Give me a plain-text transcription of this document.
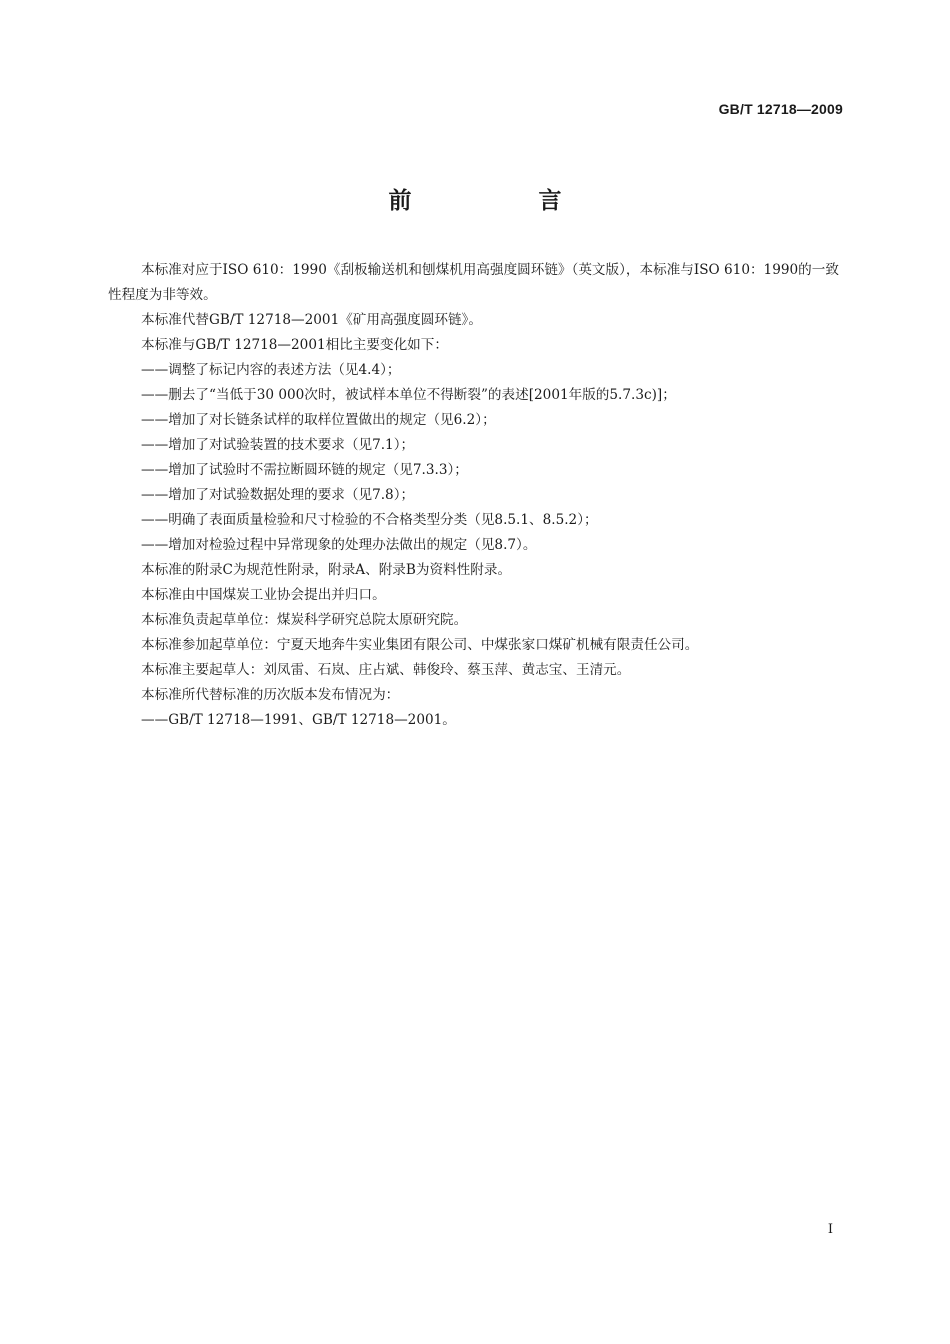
GB/T 12718—2009
前　言

本标准对应于ISO 610：1990《刮板输送机和刨煤机用高强度圆环链》（英文版），本标准与ISO 610：1990的一致性程度为非等效。

本标准代替GB/T 12718—2001《矿用高强度圆环链》。

本标准与GB/T 12718—2001相比主要变化如下：

——调整了标记内容的表述方法（见4.4）；

——删去了“当低于30 000次时，被试样本单位不得断裂”的表述[2001年版的5.7.3c)]；

——增加了对长链条试样的取样位置做出的规定（见6.2）；

——增加了对试验装置的技术要求（见7.1）；

——增加了试验时不需拉断圆环链的规定（见7.3.3）；

——增加了对试验数据处理的要求（见7.8）；

——明确了表面质量检验和尺寸检验的不合格类型分类（见8.5.1、8.5.2）；

——增加对检验过程中异常现象的处理办法做出的规定（见8.7）。

本标准的附录C为规范性附录，附录A、附录B为资料性附录。

本标准由中国煤炭工业协会提出并归口。

本标准负责起草单位：煤炭科学研究总院太原研究院。

本标准参加起草单位：宁夏天地奔牛实业集团有限公司、中煤张家口煤矿机械有限责任公司。

本标准主要起草人：刘凤雷、石岚、庄占斌、韩俊玲、蔡玉萍、黄志宝、王清元。

本标准所代替标准的历次版本发布情况为：

——GB/T 12718—1991、GB/T 12718—2001。

I
